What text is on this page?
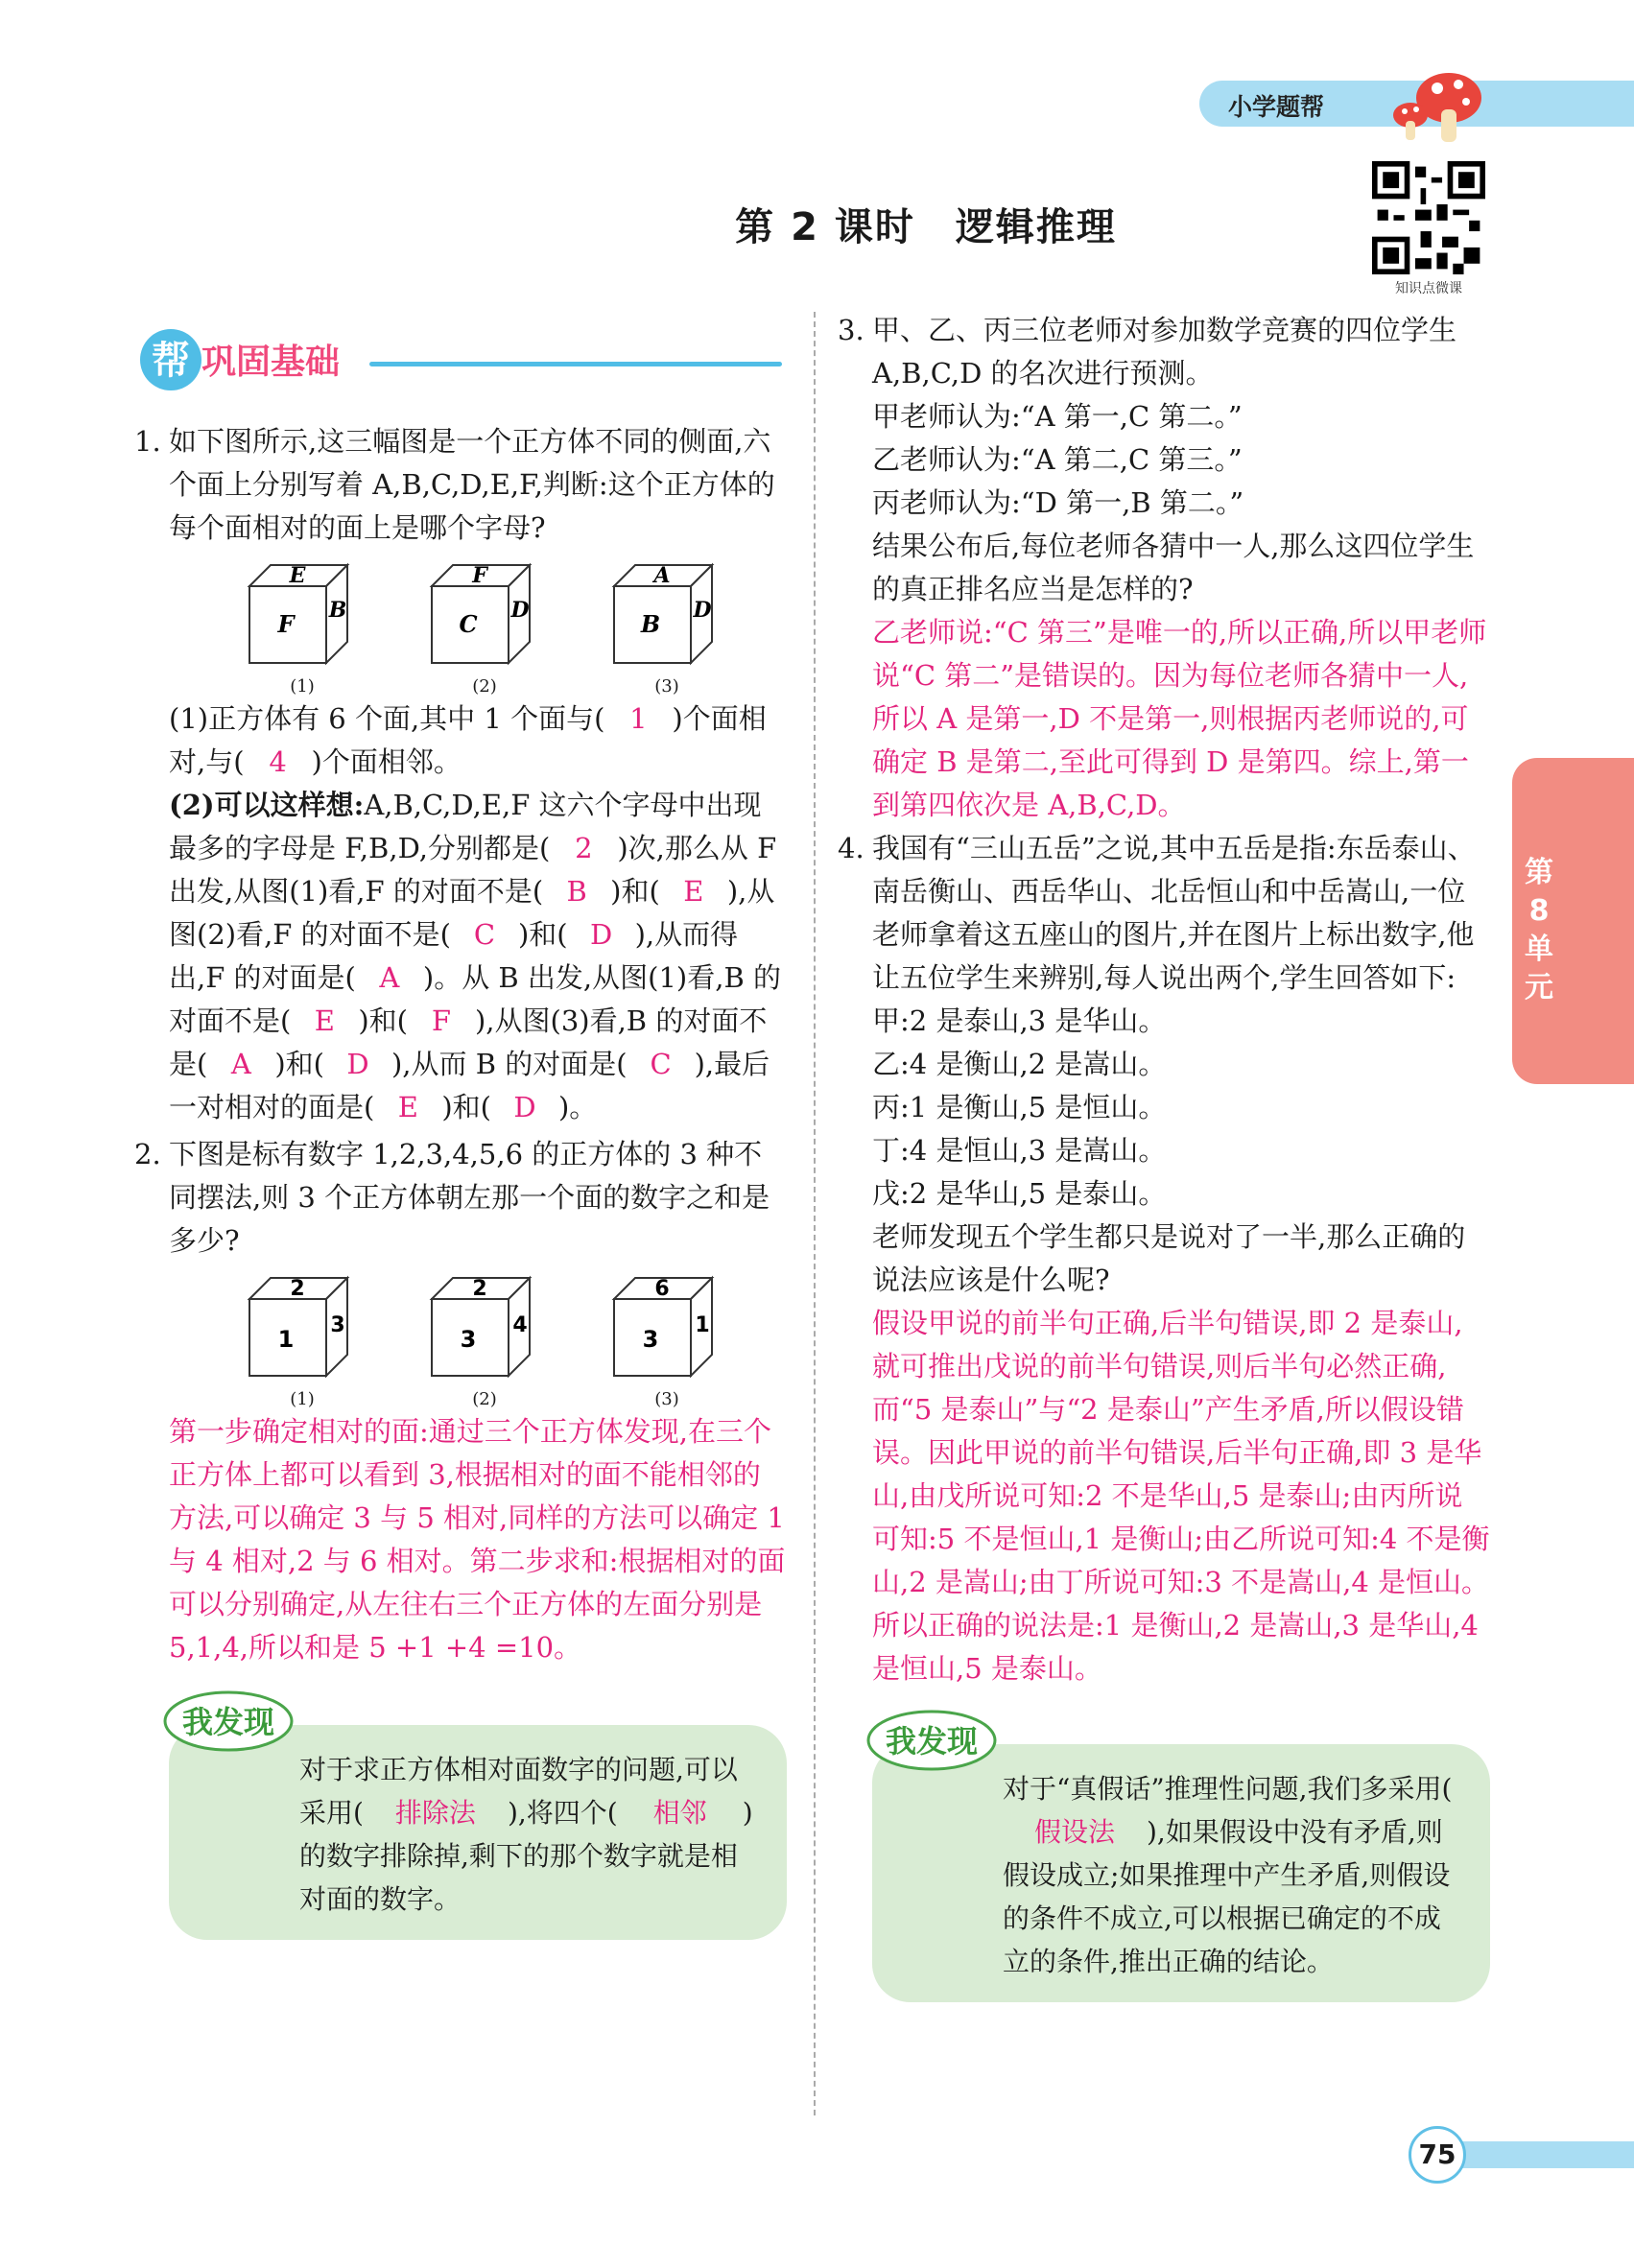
小学题帮
第 2 课时　逻辑推理
知识点微课
第8单元
帮 巩固基础
1. 如下图所示,这三幅图是一个正方体不同的侧面,六个面上分别写着 A,B,C,D,E,F,判断:这个正方体的每个面相对的面上是哪个字母?
E
F B
(1)
F
C D
(2)
A
B D
(3)
(1)正方体有 6 个面,其中 1 个面与( 1 )个面相对,与( 4 )个面相邻。
(2)可以这样想:A,B,C,D,E,F 这六个字母中出现最多的字母是 F,B,D,分别都是( 2 )次,那么从 F 出发,从图(1)看,F 的对面不是( B )和( E ),从图(2)看,F 的对面不是( C )和( D ),从而得出,F 的对面是( A )。从 B 出发,从图(1)看,B 的对面不是( E )和( F ),从图(3)看,B 的对面不是( A )和( D ),从而 B 的对面是( C ),最后一对相对的面是( E )和( D )。
2. 下图是标有数字 1,2,3,4,5,6 的正方体的 3 种不同摆法,则 3 个正方体朝左那一个面的数字之和是多少?
2
1
3
(1)
2
3
4
(2)
6
3
1
(3)
第一步确定相对的面:通过三个正方体发现,在三个正方体上都可以看到 3,根据相对的面不能相邻的方法,可以确定 3 与 5 相对,同样的方法可以确定 1 与 4 相对,2 与 6 相对。第二步求和:根据相对的面可以分别确定,从左往右三个正方体的左面分别是 5,1,4,所以和是 5 +1 +4 =10。
我发现
对于求正方体相对面数字的问题,可以采用( 排除法 ),将四个( 相邻 )的数字排除掉,剩下的那个数字就是相对面的数字。
3. 甲、乙、丙三位老师对参加数学竞赛的四位学生 A,B,C,D 的名次进行预测。
甲老师认为:“A 第一,C 第二。”
乙老师认为:“A 第二,C 第三。”
丙老师认为:“D 第一,B 第二。”
结果公布后,每位老师各猜中一人,那么这四位学生的真正排名应当是怎样的?
乙老师说:“C 第三”是唯一的,所以正确,所以甲老师说“C 第二”是错误的。因为每位老师各猜中一人,所以 A 是第一,D 不是第一,则根据丙老师说的,可确定 B 是第二,至此可得到 D 是第四。综上,第一到第四依次是 A,B,C,D。
4. 我国有“三山五岳”之说,其中五岳是指:东岳泰山、南岳衡山、西岳华山、北岳恒山和中岳嵩山,一位老师拿着这五座山的图片,并在图片上标出数字,他让五位学生来辨别,每人说出两个,学生回答如下:
甲:2 是泰山,3 是华山。
乙:4 是衡山,2 是嵩山。
丙:1 是衡山,5 是恒山。
丁:4 是恒山,3 是嵩山。
戊:2 是华山,5 是泰山。
老师发现五个学生都只是说对了一半,那么正确的说法应该是什么呢?
假设甲说的前半句正确,后半句错误,即 2 是泰山,就可推出戊说的前半句错误,则后半句必然正确,而“5 是泰山”与“2 是泰山”产生矛盾,所以假设错误。因此甲说的前半句错误,后半句正确,即 3 是华山,由戊所说可知:2 不是华山,5 是泰山;由丙所说可知:5 不是恒山,1 是衡山;由乙所说可知:4 不是衡山,2 是嵩山;由丁所说可知:3 不是嵩山,4 是恒山。所以正确的说法是:1 是衡山,2 是嵩山,3 是华山,4 是恒山,5 是泰山。
我发现
对于“真假话”推理性问题,我们多采用(假设法 ),如果假设中没有矛盾,则假设成立;如果推理中产生矛盾,则假设的条件不成立,可以根据已确定的不成立的条件,推出正确的结论。
75
